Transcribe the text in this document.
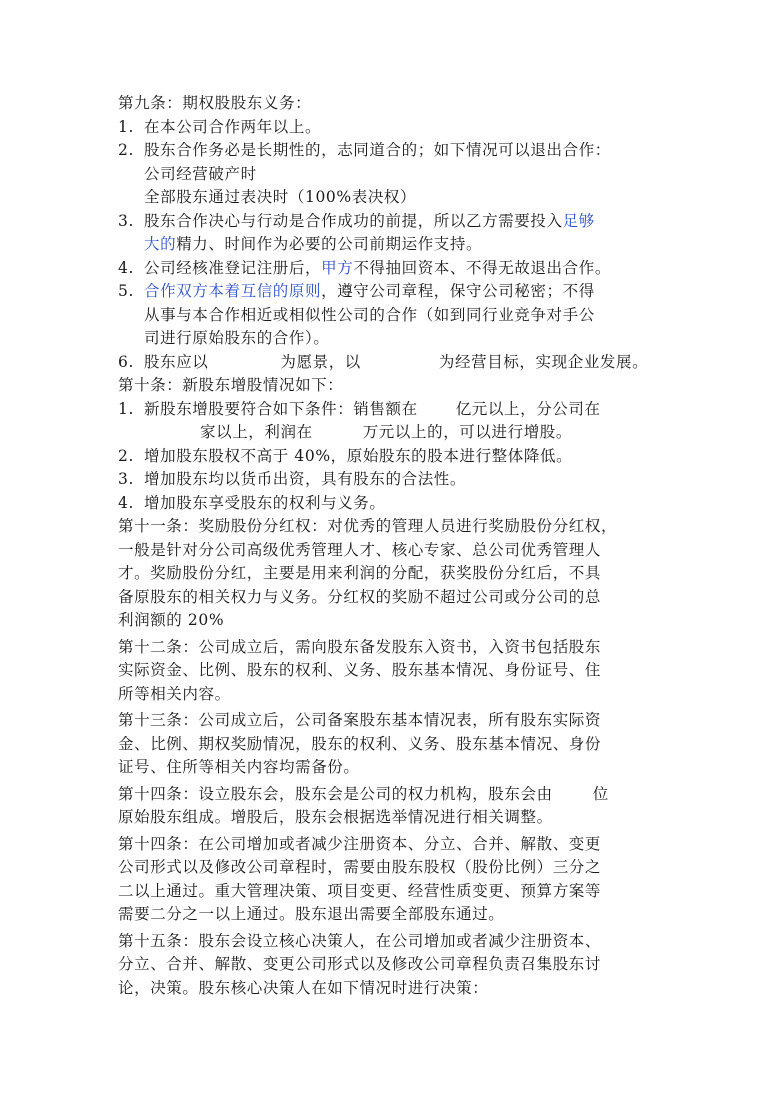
第九条：期权股股东义务：
1. 在本公司合作两年以上。
2. 股东合作务必是长期性的，志同道合的；如下情况可以退出合作：
公司经营破产时
全部股东通过表决时（100%表决权）
3. 股东合作决心与行动是合作成功的前提，所以乙方需要投入足够
大的精力、时间作为必要的公司前期运作支持。
4. 公司经核准登记注册后，甲方不得抽回资本、不得无故退出合作。
5. 合作双方本着互信的原则，遵守公司章程，保守公司秘密；不得
从事与本合作相近或相似性公司的合作（如到同行业竞争对手公
司进行原始股东的合作）。
6. 股东应以	为愿景，以	为经营目标，实现企业发展。
第十条：新股东增股情况如下：
1. 新股东增股要符合如下条件：销售额在 亿元以上，分公司在
家以上，利润在	万元以上的，可以进行增股。
2. 增加股东股权不高于 40%，原始股东的股本进行整体降低。
3. 增加股东均以货币出资，具有股东的合法性。
4. 增加股东享受股东的权利与义务。
第十一条：奖励股份分红权：对优秀的管理人员进行奖励股份分红权，
一般是针对分公司高级优秀管理人才、核心专家、总公司优秀管理人
才。奖励股份分红，主要是用来利润的分配，获奖股份分红后，不具
备原股东的相关权力与义务。分红权的奖励不超过公司或分公司的总
利润额的 20%
第十二条：公司成立后，需向股东备发股东入资书，入资书包括股东
实际资金、比例、股东的权利、义务、股东基本情况、身份证号、住
所等相关内容。
第十三条：公司成立后，公司备案股东基本情况表，所有股东实际资
金、比例、期权奖励情况，股东的权利、义务、股东基本情况、身份
证号、住所等相关内容均需备份。
第十四条：设立股东会，股东会是公司的权力机构，股东会由	位
原始股东组成。增股后，股东会根据选举情况进行相关调整。
第十四条：在公司增加或者减少注册资本、分立、合并、解散、变更
公司形式以及修改公司章程时，需要由股东股权（股份比例）三分之
二以上通过。重大管理决策、项目变更、经营性质变更、预算方案等
需要二分之一以上通过。股东退出需要全部股东通过。
第十五条：股东会设立核心决策人，在公司增加或者减少注册资本、
分立、合并、解散、变更公司形式以及修改公司章程负责召集股东讨
论，决策。股东核心决策人在如下情况时进行决策：
